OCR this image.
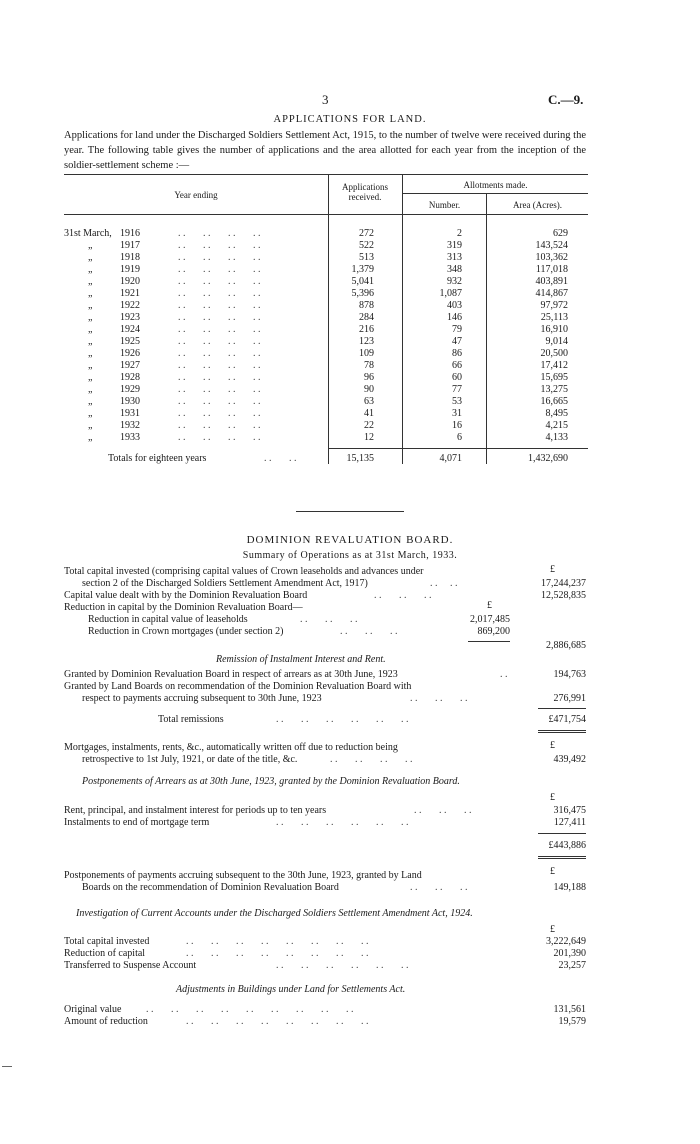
3	C.—9.
APPLICATIONS FOR LAND.

Applications for land under the Discharged Soldiers Settlement Act, 1915, to the number of twelve were received during the year. The following table gives the number of applications and the area allotted for each year from the inception of the soldier-settlement scheme :—

Year ending
Applications received.
Allotments made.
Number.	Area (Acres).
31st March, 1916	. .       . .       . .       . .	272	2	629
„	1917	. .       . .       . .       . .	522	319	143,524
„	1918	. .       . .       . .       . .	513	313	103,362
„	1919	. .       . .       . .       . .	1,379	348	117,018
„	1920	. .       . .       . .       . .	5,041	932	403,891
„	1921	. .       . .       . .       . .	5,396	1,087	414,867
„	1922	. .       . .       . .       . .	878	403	97,972
„	1923	. .       . .       . .       . .	284	146	25,113
„	1924	. .       . .       . .       . .	216	79	16,910
„	1925	. .       . .       . .       . .	123	47	9,014
„	1926	. .       . .       . .       . .	109	86	20,500
„	1927	. .       . .       . .       . .	78	66	17,412
„	1928	. .       . .       . .       . .	96	60	15,695
„	1929	. .       . .       . .       . .	90	77	13,275
„	1930	. .       . .       . .       . .	63	53	16,665
„	1931	. .       . .       . .       . .	41	31	8,495
„	1932	. .       . .       . .       . .	22	16	4,215
„	1933	. .       . .       . .       . .	12	6	4,133
Totals for eighteen years	. .       . .	15,135	4,071	1,432,690
DOMINION REVALUATION BOARD.
Summary of Operations as at 31st March, 1933.
£
Total capital invested (comprising capital values of Crown leaseholds and advances under
section 2 of the Discharged Soldiers Settlement Amendment Act, 1917)	. .     . .	17,244,237
Capital value dealt with by the Dominion Revaluation Board	. .       . .       . .	12,528,835
£
Reduction in capital by the Dominion Revaluation Board—
Reduction in capital value of leaseholds	. .       . .       . .	2,017,485
Reduction in Crown mortgages (under section 2)	. .       . .       . .	869,200
2,886,685
Remission of Instalment Interest and Rent.
Granted by Dominion Revaluation Board in respect of arrears as at 30th June, 1923	. .	194,763
Granted by Land Boards on recommendation of the Dominion Revaluation Board with
respect to payments accruing subsequent to 30th June, 1923	. .       . .       . .	276,991
Total remissions	. .       . .       . .       . .       . .       . .	£471,754
£
Mortgages, instalments, rents, &c., automatically written off due to reduction being
retrospective to 1st July, 1921, or date of the title, &c.	. .       . .       . .       . .	439,492
Postponements of Arrears as at 30th June, 1923, granted by the Dominion Revaluation Board.
£
Rent, principal, and instalment interest for periods up to ten years	. .       . .       . .	316,475
Instalments to end of mortgage term	. .       . .       . .       . .       . .       . .	127,411
£443,886
£
Postponements of payments accruing subsequent to the 30th June, 1923, granted by Land
Boards on the recommendation of Dominion Revaluation Board	. .       . .       . .	149,188
Investigation of Current Accounts under the Discharged Soldiers Settlement Amendment Act, 1924.
£
Total capital invested	. .       . .       . .       . .       . .       . .       . .       . .	3,222,649
Reduction of capital	. .       . .       . .       . .       . .       . .       . .       . .	201,390
Transferred to Suspense Account	. .       . .       . .       . .       . .       . .	23,257
Adjustments in Buildings under Land for Settlements Act.
Original value . .       . .       . .       . .       . .       . .       . .       . .       . .	131,561
Amount of reduction	. .       . .       . .       . .       . .       . .       . .       . .	19,579
